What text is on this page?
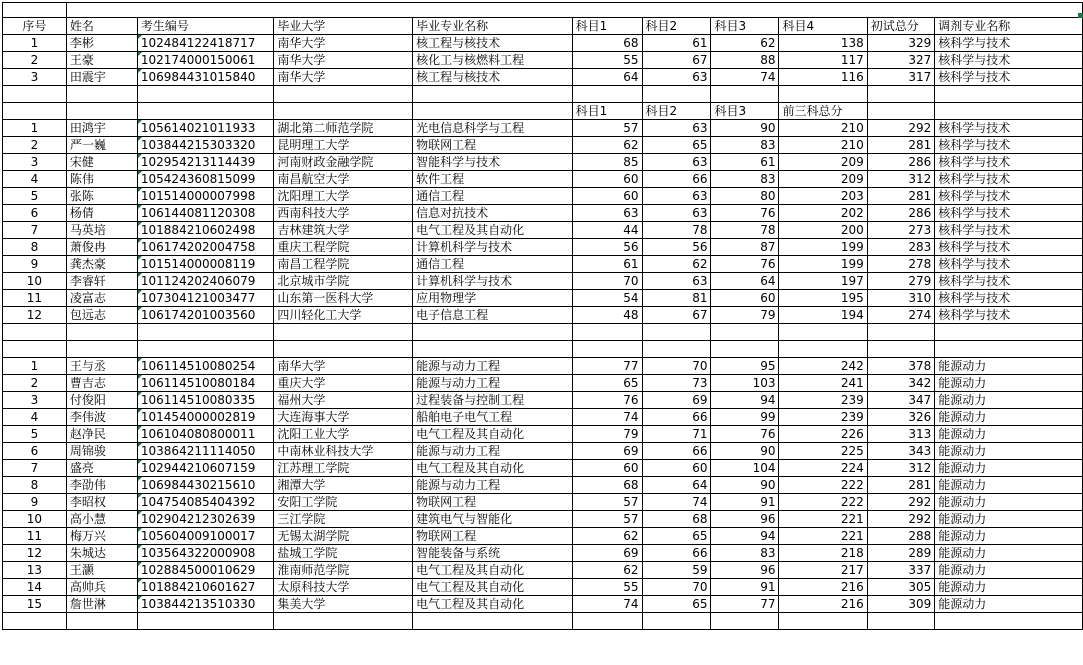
序号	姓名	考生编号	毕业大学	毕业专业名称	科目1	科目2	科目3	科目4	初试总分	调剂专业名称
1	李彬	102484122418717	南华大学	核工程与核技术	68	61	62	138	329	核科学与技术
2	王豪	102174000150061	南华大学	核化工与核燃料工程	55	67	88	117	327	核科学与技术
3	田震宇	106984431015840	南华大学	核工程与核技术	64	63	74	116	317	核科学与技术

					科目1	科目2	科目3	前三科总分		
1	田鸿宇	105614021011933	湖北第二师范学院	光电信息科学与工程	57	63	90	210	292	核科学与技术
2	严一巍	103844215303320	昆明理工大学	物联网工程	62	65	83	210	281	核科学与技术
3	宋健	102954213114439	河南财政金融学院	智能科学与技术	85	63	61	209	286	核科学与技术
4	陈伟	105424360815099	南昌航空大学	软件工程	60	66	83	209	312	核科学与技术
5	张陈	101514000007998	沈阳理工大学	通信工程	60	63	80	203	281	核科学与技术
6	杨倩	106144081120308	西南科技大学	信息对抗技术	63	63	76	202	286	核科学与技术
7	马英培	101884210602498	吉林建筑大学	电气工程及其自动化	44	78	78	200	273	核科学与技术
8	萧俊冉	106174202004758	重庆工程学院	计算机科学与技术	56	56	87	199	283	核科学与技术
9	龚杰豪	101514000008119	南昌工程学院	通信工程	61	62	76	199	278	核科学与技术
10	李睿轩	101124202406079	北京城市学院	计算机科学与技术	70	63	64	197	279	核科学与技术
11	凌富志	107304121003477	山东第一医科大学	应用物理学	54	81	60	195	310	核科学与技术
12	包远志	106174201003560	四川轻化工大学	电子信息工程	48	67	79	194	274	核科学与技术

1	王与丞	106114510080254	南华大学	能源与动力工程	77	70	95	242	378	能源动力
2	曹吉志	106114510080184	重庆大学	能源与动力工程	65	73	103	241	342	能源动力
3	付俊阳	106114510080335	福州大学	过程装备与控制工程	76	69	94	239	347	能源动力
4	李伟波	101454000002819	大连海事大学	船舶电子电气工程	74	66	99	239	326	能源动力
5	赵净民	106104080800011	沈阳工业大学	电气工程及其自动化	79	71	76	226	313	能源动力
6	周锦骏	103864211114050	中南林业科技大学	能源与动力工程	69	66	90	225	343	能源动力
7	盛亮	102944210607159	江苏理工学院	电气工程及其自动化	60	60	104	224	312	能源动力
8	李劭伟	106984430215610	湘潭大学	能源与动力工程	68	64	90	222	281	能源动力
9	李昭权	104754085404392	安阳工学院	物联网工程	57	74	91	222	292	能源动力
10	高小慧	102904212302639	三江学院	建筑电气与智能化	57	68	96	221	292	能源动力
11	梅万兴	105604009100017	无锡太湖学院	物联网工程	62	65	94	221	288	能源动力
12	朱城达	103564322000908	盐城工学院	智能装备与系统	69	66	83	218	289	能源动力
13	王灏	102884500010629	淮南师范学院	电气工程及其自动化	62	59	96	217	337	能源动力
14	高帅兵	101884210601627	太原科技大学	电气工程及其自动化	55	70	91	216	305	能源动力
15	詹世淋	103844213510330	集美大学	电气工程及其自动化	74	65	77	216	309	能源动力
